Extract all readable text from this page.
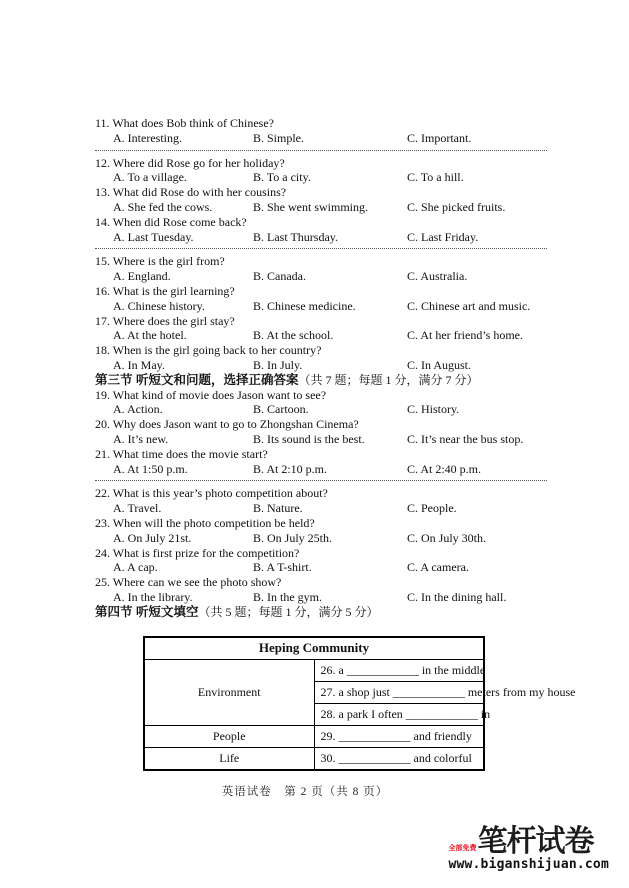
11. What does Bob think of Chinese?
A. Interesting.	B. Simple.	C. Important.
12. Where did Rose go for her holiday?
A. To a village.	B. To a city.	C. To a hill.
13. What did Rose do with her cousins?
A. She fed the cows.	B. She went swimming.	C. She picked fruits.
14. When did Rose come back?
A. Last Tuesday.	B. Last Thursday.	C. Last Friday.
15. Where is the girl from?
A. England.	B. Canada.	C. Australia.
16. What is the girl learning?
A. Chinese history.	B. Chinese medicine.	C. Chinese art and music.
17. Where does the girl stay?
A. At the hotel.	B. At the school.	C. At her friend’s home.
18. When is the girl going back to her country?
A. In May.	B. In July.	C. In August.
第三节 听短文和问题，选择正确答案（共 7 题；每题 1 分，满分 7 分）
19. What kind of movie does Jason want to see?
A. Action.	B. Cartoon.	C. History.
20. Why does Jason want to go to Zhongshan Cinema?
A. It’s new.	B. Its sound is the best.	C. It’s near the bus stop.
21. What time does the movie start?
A. At 1:50 p.m.	B. At 2:10 p.m.	C. At 2:40 p.m.
22. What is this year’s photo competition about?
A. Travel.	B. Nature.	C. People.
23. When will the photo competition be held?
A. On July 21st.	B. On July 25th.	C. On July 30th.
24. What is first prize for the competition?
A. A cap.	B. A T-shirt.	C. A camera.
25. Where can we see the photo show?
A. In the library.	B. In the gym.	C. In the dining hall.
第四节 听短文填空（共 5 题；每题 1 分，满分 5 分）
Heping Community	
Environment	26. a ____________ in the middle
	27. a shop just ____________ meters from my house
	28. a park I often ____________ in
People	29. ____________ and friendly
Life	30. ____________ and colorful
英语试卷　第 2 页（共 8 页）
全部免费 笔杆试卷
www.biganshijuan.com
